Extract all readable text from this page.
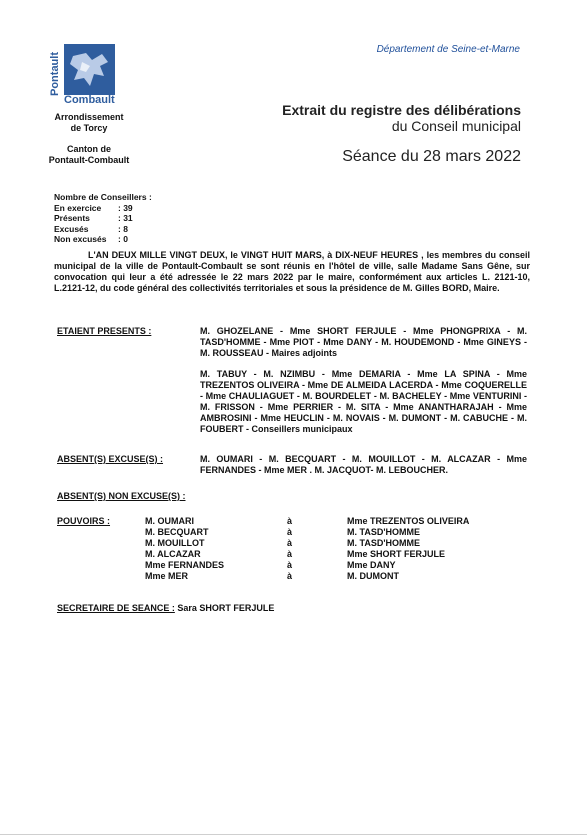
Pontault
Combault
Arrondissement
de Torcy
Canton de
Pontault-Combault
Département de Seine-et-Marne
Extrait du registre des délibérations
du Conseil municipal
Séance du 28 mars 2022
Nombre de Conseillers :
En exercice	: 39
Présents	: 31
Excusés	: 8
Non excusés	: 0
L'AN DEUX MILLE VINGT DEUX, le VINGT HUIT MARS, à DIX-NEUF HEURES , les membres du conseil municipal de la ville de Pontault-Combault se sont réunis en l'hôtel de ville, salle Madame Sans Gêne, sur convocation qui leur a été adressée le 22 mars 2022 par le maire, conformément aux articles L. 2121-10, L.2121-12, du code général des collectivités territoriales et sous la présidence de M. Gilles BORD, Maire.
ETAIENT PRESENTS :	M. GHOZELANE - Mme SHORT FERJULE - Mme PHONGPRIXA - M. TASD'HOMME - Mme PIOT - Mme DANY - M. HOUDEMOND - Mme GINEYS - M. ROUSSEAU - Maires adjoints
M. TABUY - M. NZIMBU - Mme DEMARIA - Mme LA SPINA - Mme TREZENTOS OLIVEIRA - Mme DE ALMEIDA LACERDA - Mme COQUERELLE - Mme CHAULIAGUET - M. BOURDELET - M. BACHELEY - Mme VENTURINI - M. FRISSON - Mme PERRIER - M. SITA - Mme ANANTHARAJAH - Mme AMBROSINI - Mme HEUCLIN - M. NOVAIS - M. DUMONT - M. CABUCHE - M. FOUBERT - Conseillers municipaux
ABSENT(S) EXCUSE(S) :	M. OUMARI - M. BECQUART - M. MOUILLOT - M. ALCAZAR - Mme FERNANDES - Mme MER . M. JACQUOT- M. LEBOUCHER.
ABSENT(S) NON EXCUSE(S) :
POUVOIRS :	M. OUMARI	à	Mme TREZENTOS OLIVEIRA
M. BECQUART	à	M. TASD'HOMME
M. MOUILLOT	à	M. TASD'HOMME
M. ALCAZAR	à	Mme SHORT FERJULE
Mme FERNANDES	à	Mme DANY
Mme MER	à	M. DUMONT
SECRETAIRE DE SEANCE : Sara SHORT FERJULE
